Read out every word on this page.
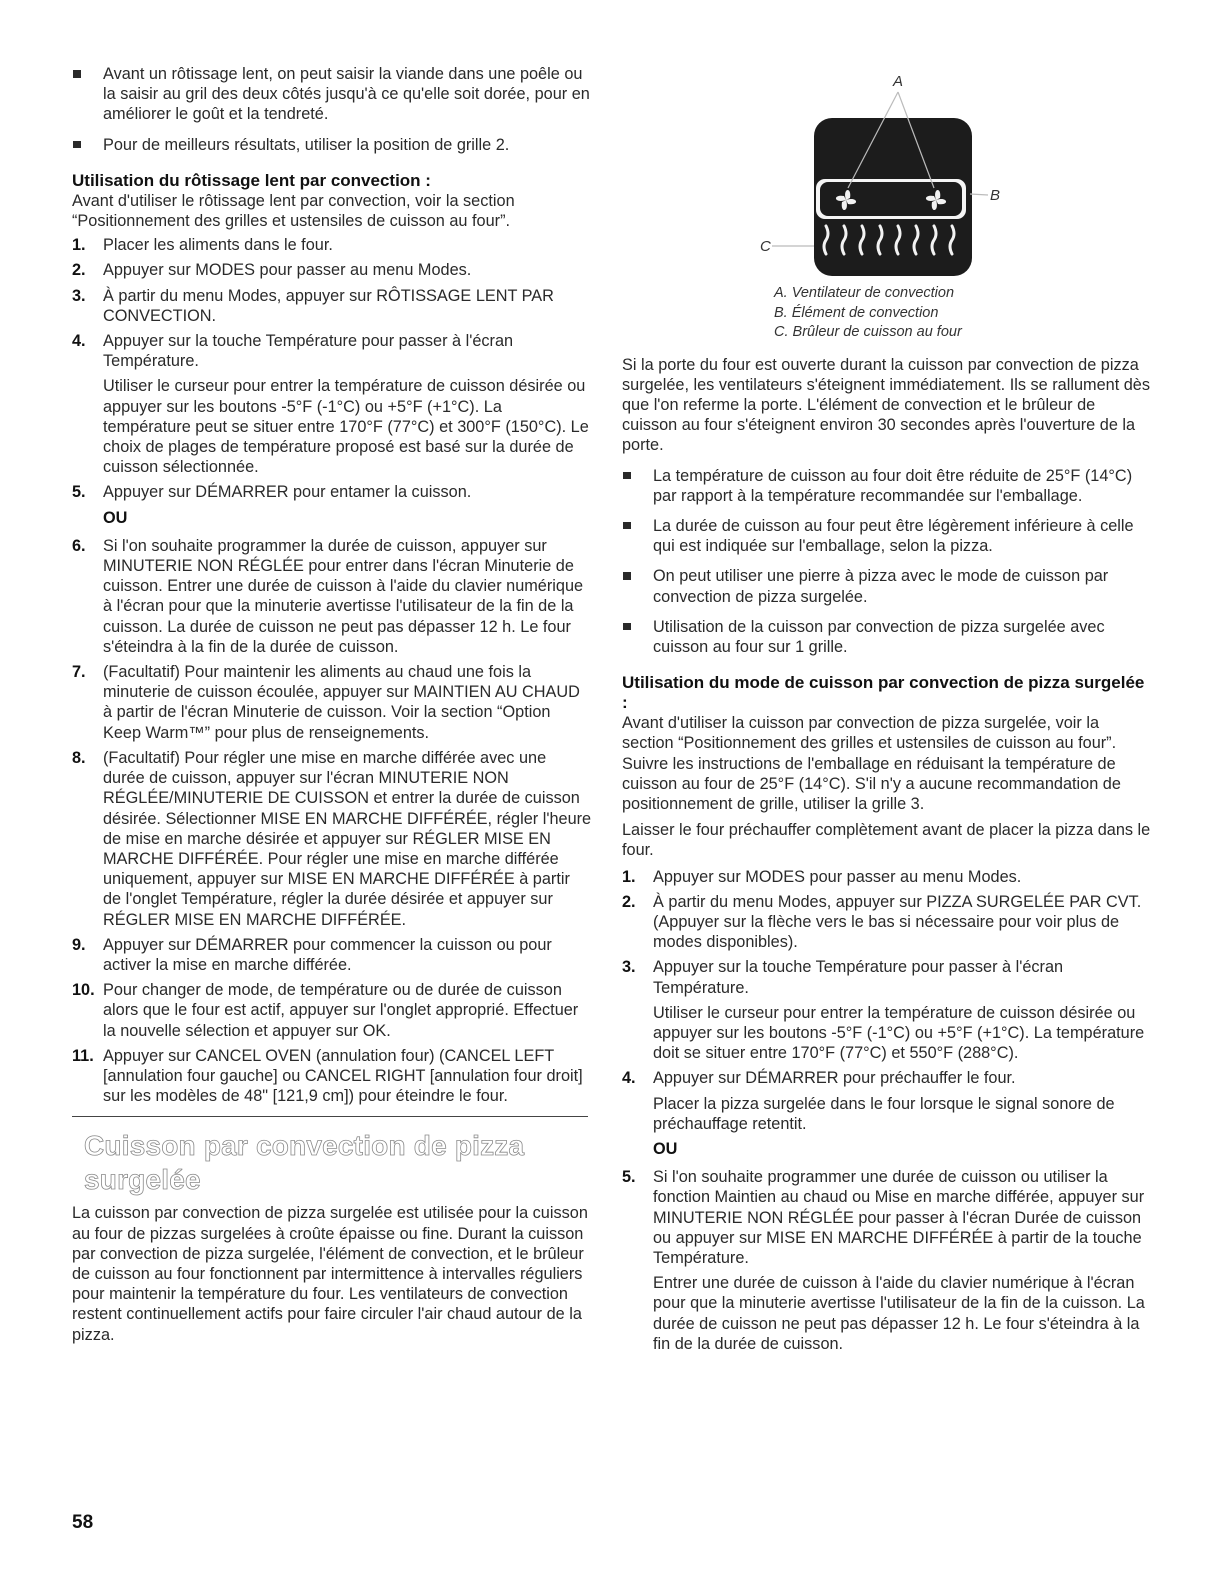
Avant un rôtissage lent, on peut saisir la viande dans une poêle ou la saisir au gril des deux côtés jusqu'à ce qu'elle soit dorée, pour en améliorer le goût et la tendreté.
Pour de meilleurs résultats, utiliser la position de grille 2.
Utilisation du rôtissage lent par convection :
Avant d'utiliser le rôtissage lent par convection, voir la section “Positionnement des grilles et ustensiles de cuisson au four”.
1. Placer les aliments dans le four.
2. Appuyer sur MODES pour passer au menu Modes.
3. À partir du menu Modes, appuyer sur RÔTISSAGE LENT PAR CONVECTION.
4. Appuyer sur la touche Température pour passer à l'écran Température.
Utiliser le curseur pour entrer la température de cuisson désirée ou appuyer sur les boutons -5°F (-1°C) ou +5°F (+1°C). La température peut se situer entre 170°F (77°C) et 300°F (150°C). Le choix de plages de température proposé est basé sur la durée de cuisson sélectionnée.
5. Appuyer sur DÉMARRER pour entamer la cuisson.
OU
6. Si l'on souhaite programmer la durée de cuisson, appuyer sur MINUTERIE NON RÉGLÉE pour entrer dans l'écran Minuterie de cuisson. Entrer une durée de cuisson à l'aide du clavier numérique à l'écran pour que la minuterie avertisse l'utilisateur de la fin de la cuisson. La durée de cuisson ne peut pas dépasser 12 h. Le four s'éteindra à la fin de la durée de cuisson.
7. (Facultatif) Pour maintenir les aliments au chaud une fois la minuterie de cuisson écoulée, appuyer sur MAINTIEN AU CHAUD à partir de l'écran Minuterie de cuisson. Voir la section “Option Keep Warm™” pour plus de renseignements.
8. (Facultatif) Pour régler une mise en marche différée avec une durée de cuisson, appuyer sur l'écran MINUTERIE NON RÉGLÉE/MINUTERIE DE CUISSON et entrer la durée de cuisson désirée. Sélectionner MISE EN MARCHE DIFFÉRÉE, régler l'heure de mise en marche désirée et appuyer sur RÉGLER MISE EN MARCHE DIFFÉRÉE. Pour régler une mise en marche différée uniquement, appuyer sur MISE EN MARCHE DIFFÉRÉE à partir de l'onglet Température, régler la durée désirée et appuyer sur RÉGLER MISE EN MARCHE DIFFÉRÉE.
9. Appuyer sur DÉMARRER pour commencer la cuisson ou pour activer la mise en marche différée.
10. Pour changer de mode, de température ou de durée de cuisson alors que le four est actif, appuyer sur l'onglet approprié. Effectuer la nouvelle sélection et appuyer sur OK.
11. Appuyer sur CANCEL OVEN (annulation four) (CANCEL LEFT [annulation four gauche] ou CANCEL RIGHT [annulation four droit] sur les modèles de 48" [121,9 cm]) pour éteindre le four.
Cuisson par convection de pizza surgelée
La cuisson par convection de pizza surgelée est utilisée pour la cuisson au four de pizzas surgelées à croûte épaisse ou fine. Durant la cuisson par convection de pizza surgelée, l'élément de convection, et le brûleur de cuisson au four fonctionnent par intermittence à intervalles réguliers pour maintenir la température du four. Les ventilateurs de convection restent continuellement actifs pour faire circuler l'air chaud autour de la pizza.
A
B
C
A. Ventilateur de convection
B. Élément de convection
C. Brûleur de cuisson au four
Si la porte du four est ouverte durant la cuisson par convection de pizza surgelée, les ventilateurs s'éteignent immédiatement. Ils se rallument dès que l'on referme la porte. L'élément de convection et le brûleur de cuisson au four s'éteignent environ 30 secondes après l'ouverture de la porte.
La température de cuisson au four doit être réduite de 25°F (14°C) par rapport à la température recommandée sur l'emballage.
La durée de cuisson au four peut être légèrement inférieure à celle qui est indiquée sur l'emballage, selon la pizza.
On peut utiliser une pierre à pizza avec le mode de cuisson par convection de pizza surgelée.
Utilisation de la cuisson par convection de pizza surgelée avec cuisson au four sur 1 grille.
Utilisation du mode de cuisson par convection de pizza surgelée :
Avant d'utiliser la cuisson par convection de pizza surgelée, voir la section “Positionnement des grilles et ustensiles de cuisson au four”. Suivre les instructions de l'emballage en réduisant la température de cuisson au four de 25°F (14°C). S'il n'y a aucune recommandation de positionnement de grille, utiliser la grille 3.
Laisser le four préchauffer complètement avant de placer la pizza dans le four.
1. Appuyer sur MODES pour passer au menu Modes.
2. À partir du menu Modes, appuyer sur PIZZA SURGELÉE PAR CVT. (Appuyer sur la flèche vers le bas si nécessaire pour voir plus de modes disponibles).
3. Appuyer sur la touche Température pour passer à l'écran Température.
Utiliser le curseur pour entrer la température de cuisson désirée ou appuyer sur les boutons -5°F (-1°C) ou +5°F (+1°C). La température doit se situer entre 170°F (77°C) et 550°F (288°C).
4. Appuyer sur DÉMARRER pour préchauffer le four.
Placer la pizza surgelée dans le four lorsque le signal sonore de préchauffage retentit.
OU
5. Si l'on souhaite programmer une durée de cuisson ou utiliser la fonction Maintien au chaud ou Mise en marche différée, appuyer sur MINUTERIE NON RÉGLÉE pour passer à l'écran Durée de cuisson ou appuyer sur MISE EN MARCHE DIFFÉRÉE à partir de la touche Température.
Entrer une durée de cuisson à l'aide du clavier numérique à l'écran pour que la minuterie avertisse l'utilisateur de la fin de la cuisson. La durée de cuisson ne peut pas dépasser 12 h. Le four s'éteindra à la fin de la durée de cuisson.
58
